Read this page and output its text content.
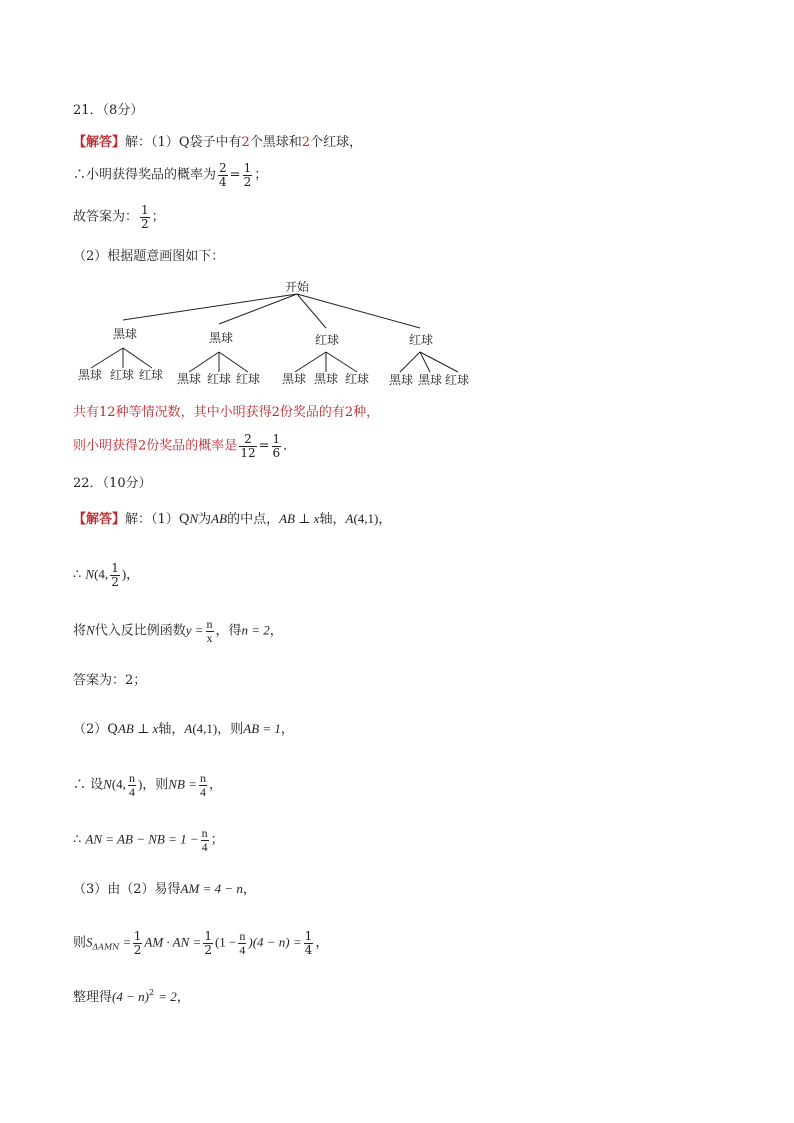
21．（8分）
【解答】解：（1）Q袋子中有2个黑球和2个红球，
∴小明获得奖品的概率为 $\frac{2}{4} = \frac{1}{2}$ ；
故答案为： $\frac{1}{2}$ ；
（2）根据题意画图如下：
开始
黑球	黑球	红球	红球
黑球 红球 红球 黑球 红球 红球 黑球 黑球 红球 黑球 黑球 红球
共有12种等情况数，其中小明获得2份奖品的有2种，
则小明获得2份奖品的概率是 $\frac{2}{12} = \frac{1}{6}$ ．
22．（10分）
【解答】解：（1）QN为AB的中点，AB ⊥ x轴，A(4,1)，
∴ N(4, $\frac{1}{2}$ )，
将N代入反比例函数$y = \frac{n}{x}$ ，得n = 2，
答案为：2；
（2）QAB ⊥ x轴，A(4,1)，则AB = 1，
∴ 设N(4, $\frac{n}{4}$ )，则NB = $\frac{n}{4}$ ，
∴ AN = AB − NB = $1 - \frac{n}{4}$ ；
（3）由（2）易得AM = 4 − n，
则$S_{\Delta AMN} = \frac{1}{2}$ AM · AN = $\frac{1}{2} (1 - \frac{n}{4} )(4 - n) = \frac{1}{4}$ ，
整理得$(4 - n)^2 = 2$，
